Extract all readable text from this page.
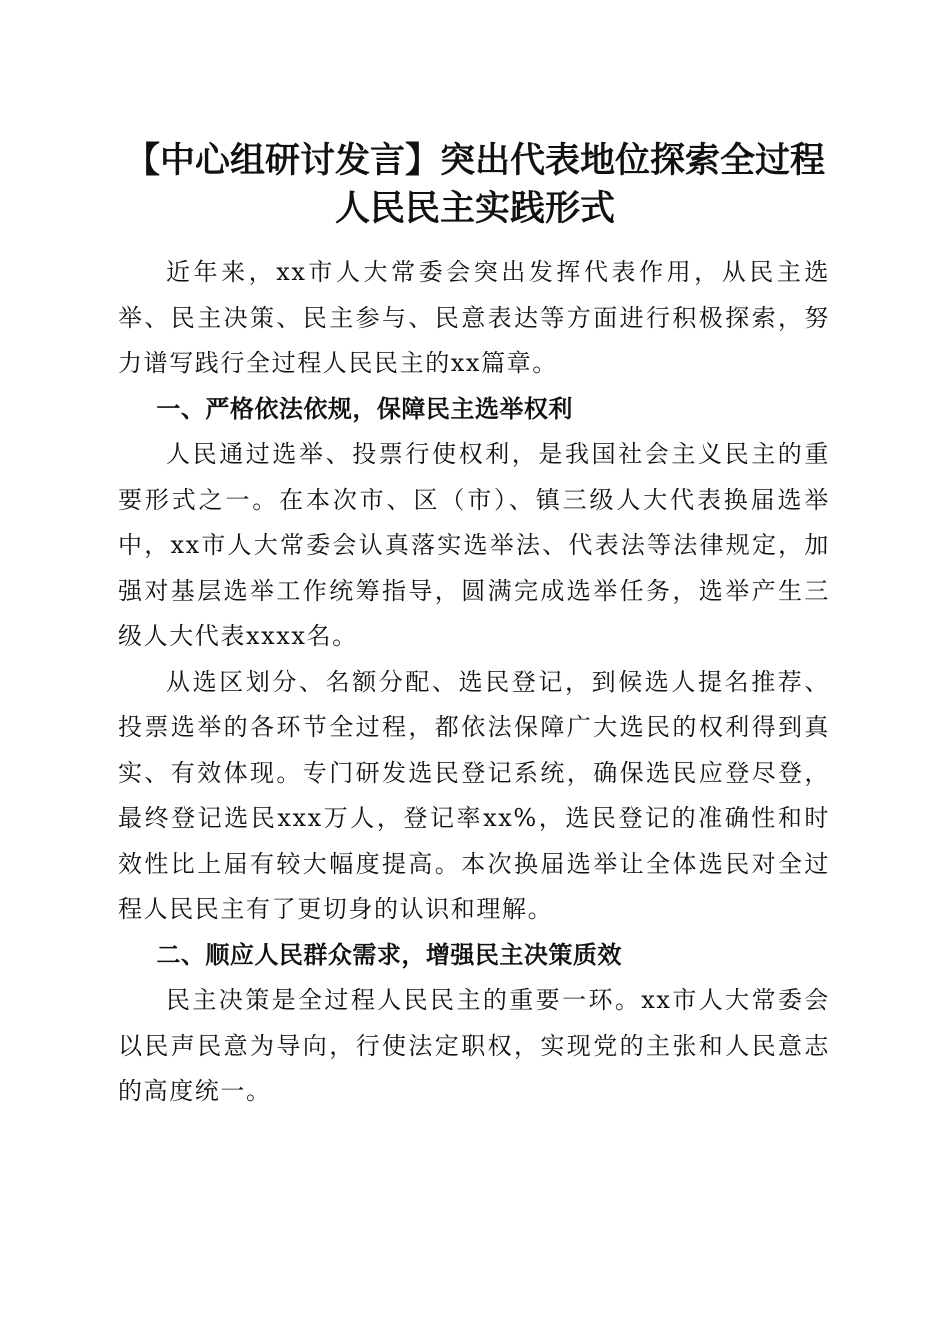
【中心组研讨发言】突出代表地位探索全过程
人民民主实践形式

近年来，xx市人大常委会突出发挥代表作用，从民主选举、民主决策、民主参与、民意表达等方面进行积极探索，努力谱写践行全过程人民民主的xx篇章。

一、严格依法依规，保障民主选举权利

人民通过选举、投票行使权利，是我国社会主义民主的重要形式之一。在本次市、区（市）、镇三级人大代表换届选举中，xx市人大常委会认真落实选举法、代表法等法律规定，加强对基层选举工作统筹指导，圆满完成选举任务，选举产生三级人大代表xxxx名。

从选区划分、名额分配、选民登记，到候选人提名推荐、投票选举的各环节全过程，都依法保障广大选民的权利得到真实、有效体现。专门研发选民登记系统，确保选民应登尽登，最终登记选民xxx万人，登记率xx%，选民登记的准确性和时效性比上届有较大幅度提高。本次换届选举让全体选民对全过程人民民主有了更切身的认识和理解。

二、顺应人民群众需求，增强民主决策质效

民主决策是全过程人民民主的重要一环。xx市人大常委会以民声民意为导向，行使法定职权，实现党的主张和人民意志的高度统一。
